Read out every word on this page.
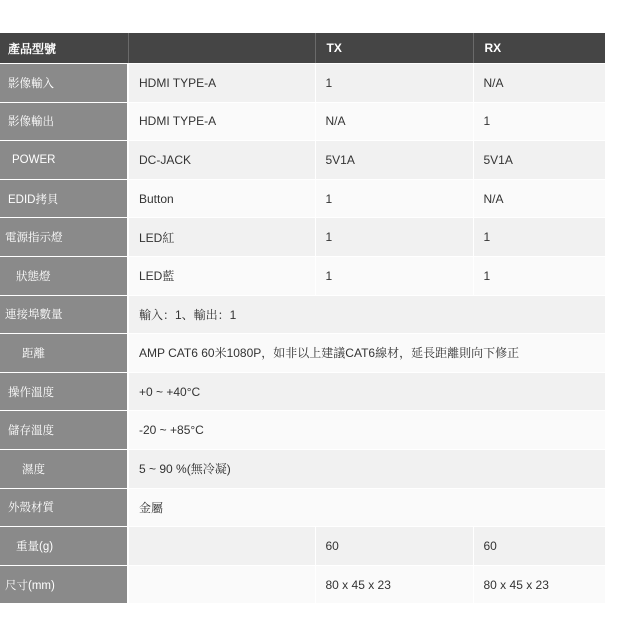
產品型號		TX	RX
影像輸入	HDMI TYPE-A	1	N/A
影像輸出	HDMI TYPE-A	N/A	1
POWER	DC-JACK	5V1A	5V1A
EDID拷貝	Button	1	N/A
電源指示燈	LED紅	1	1
狀態燈	LED藍	1	1
連接埠數量	輸入：1、輸出：1		
距離	AMP CAT6 60米1080P，如非以上建議CAT6線材，延長距離則向下修正		
操作溫度	+0 ~ +40°C		
儲存溫度	-20 ~ +85°C		
濕度	5 ~ 90 %(無冷凝)		
外殼材質	金屬		
重量(g)		60	60
尺寸(mm)		80 x 45 x 23	80 x 45 x 23
